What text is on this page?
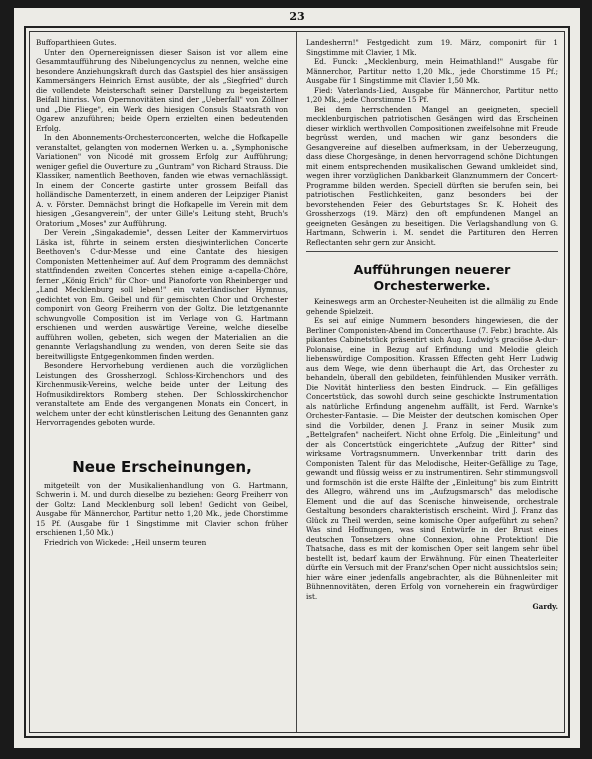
23

Buffoparthieen Gutes.

Unter den Opernereignissen dieser Saison ist vor allem eine Gesammtaufführung des Nibelungencyclus zu nennen, welche eine besondere Anziehungskraft durch das Gastspiel des hier ansässigen Kammersängers Heinrich Ernst ausübte, der als „Siegfried" durch die vollendete Meisterschaft seiner Darstellung zu begeistertem Beifall hinriss. Von Opernnovitäten sind der „Ueberfall" von Zöllner und „Die Fliege", ein Werk des hiesigen Consuls Staatsrath von Ogarew anzuführen; beide Opern erzielten einen bedeutenden Erfolg.

In den Abonnements-Orchesterconcerten, welche die Hofkapelle veranstaltet, gelangten von modernen Werken u. a. „Symphonische Variationen" von Nicodé mit grossem Erfolg zur Aufführung; weniger gefiel die Ouverture zu „Guntram" von Richard Strauss. Die Klassiker, namentlich Beethoven, fanden wie etwas vernachlässigt. In einem der Concerte gastirte unter grossem Beifall das holländische Damenterzett, in einem anderen der Leipziger Pianist A. v. Förster. Demnächst bringt die Hofkapelle im Verein mit dem hiesigen „Gesangverein", der unter Gille's Leitung steht, Bruch's Oratorium „Moses" zur Aufführung.

Der Verein „Singakademie", dessen Leiter der Kammervirtuos Läska ist, führte in seinem ersten diesjwinterlichen Concerte Beethoven's C-dur-Messe und eine Cantate des hiesigen Componisten Mettenheimer auf. Auf dem Programm des demnächst stattfindenden zweiten Concertes stehen einige a-capella-Chöre, ferner „König Erich" für Chor- und Pianoforte von Rheinberger und „Land Mecklenburg soll leben!" ein vaterländischer Hymnus, gedichtet von Em. Geibel und für gemischten Chor und Orchester componirt von Georg Freiherrn von der Goltz. Die letztgenannte schwungvolle Composition ist im Verlage von G. Hartmann erschienen und werden auswärtige Vereine, welche dieselbe aufführen wollen, gebeten, sich wegen der Materialien an die genannte Verlagshandlung zu wenden, von deren Seite sie das bereitwilligste Entgegenkommen finden werden.

Besondere Hervorhebung verdienen auch die vorzüglichen Leistungen des Grossherzogl. Schloss-Kirchenchors und des Kirchenmusik-Vereins, welche beide unter der Leitung des Hofmusikdirektors Romberg stehen. Der Schlosskirchenchor veranstaltete am Ende des vergangenen Monats ein Concert, in welchem unter der echt künstlerischen Leitung des Genannten ganz Hervorragendes geboten wurde.

Neue Erscheinungen,

mitgeteilt von der Musikalienhandlung von G. Hartmann, Schwerin i. M. und durch dieselbe zu beziehen: Georg Freiherr von der Goltz: Land Mecklenburg soll leben! Gedicht von Geibel, Ausgabe für Männerchor, Partitur netto 1,20 Mk., jede Chorstimme 15 Pf. (Ausgabe für 1 Singstimme mit Clavier schon früher erschienen 1,50 Mk.)

Friedrich von Wickede: „Heil unserm teuren

Landesherrn!" Festgedicht zum 19. März, componirt für 1 Singstimme mit Clavier, 1 Mk.

Ed. Funck: „Mecklenburg, mein Heimathland!" Ausgabe für Männerchor, Partitur netto 1,20 Mk., jede Chorstimme 15 Pf.; Ausgabe für 1 Singstimme mit Clavier 1,50 Mk.

Fied: Vaterlands-Lied, Ausgabe für Männerchor, Partitur netto 1,20 Mk., jede Chorstimme 15 Pf.

Bei dem herrschenden Mangel an geeigneten, speciell mecklenburgischen patriotischen Gesängen wird das Erscheinen dieser wirklich werthvollen Compositionen zweifelsohne mit Freude begrüsst werden, und machen wir ganz besonders die Gesangvereine auf dieselben aufmerksam, in der Ueberzeugung, dass diese Chorgesänge, in denen hervorragend schöne Dichtungen mit einem entsprechenden musikalischen Gewand umkleidet sind, wegen ihrer vorzüglichen Dankbarkeit Glanznummern der Concert-Programme bilden werden. Speciell dürften sie berufen sein, bei patriotischen Festlichkeiten, ganz besonders bei der bevorstehenden Feier des Geburtstages Sr. K. Hoheit des Grossherzogs (19. März) den oft empfundenen Mangel an geeigneten Gesängen zu beseitigen. Die Verlagshandlung von G. Hartmann, Schwerin i. M. sendet die Partituren den Herren Reflectanten sehr gern zur Ansicht.

Aufführungen neuerer Orchesterwerke.

Keineswegs arm an Orchester-Neuheiten ist die allmälig zu Ende gehende Spielzeit.

Es sei auf einige Nummern besonders hingewiesen, die der Berliner Componisten-Abend im Concerthause (7. Febr.) brachte. Als pikantes Cabinetstück präsentirt sich Aug. Ludwig's graciöse A-dur-Polonaise, eine in Bezug auf Erfindung und Melodie gleich liebenswürdige Composition. Krassen Effecten geht Herr Ludwig aus dem Wege, wie denn überhaupt die Art, das Orchester zu behandeln, überall den gebildeten, feinfühlenden Musiker verräth. Die Novität hinterliess den besten Eindruck. — Ein gefälliges Concertstück, das sowohl durch seine geschickte Instrumentation als natürliche Erfindung angenehm auffällt, ist Ferd. Warnke's Orchester-Fantasie. — Die Meister der deutschen komischen Oper sind die Vorbilder, denen J. Franz in seiner Musik zum „Bettelgrafen" nacheifert. Nicht ohne Erfolg. Die „Einleitung" und der als Concertstück eingerichtete „Aufzug der Ritter" sind wirksame Vortragsnummern. Unverkennbar tritt darin des Componisten Talent für das Melodische, Heiter-Gefällige zu Tage, gewandt und flüssig weiss er zu instrumentiren. Sehr stimmungsvoll und formschön ist die erste Hälfte der „Einleitung" bis zum Eintritt des Allegro, während uns im „Aufzugsmarsch" das melodische Element und die auf das Scenische hinweisende, orchestrale Gestaltung besonders charakteristisch erscheint. Wird J. Franz das Glück zu Theil werden, seine komische Oper aufgeführt zu sehen? Was sind Hoffnungen, was sind Entwürfe in der Brust eines deutschen Tonsetzers ohne Connexion, ohne Protektion! Die Thatsache, dass es mit der komischen Oper seit langem sehr übel bestellt ist, bedarf kaum der Erwähnung. Für einen Theaterleiter dürfte ein Versuch mit der Franz'schen Oper nicht aussichtslos sein; hier wäre einer jedenfalls angebrachter, als die Bühnenleiter mit Bühnennovitäten, deren Erfolg von vorneherein ein fragwürdiger ist.

Gardy.
